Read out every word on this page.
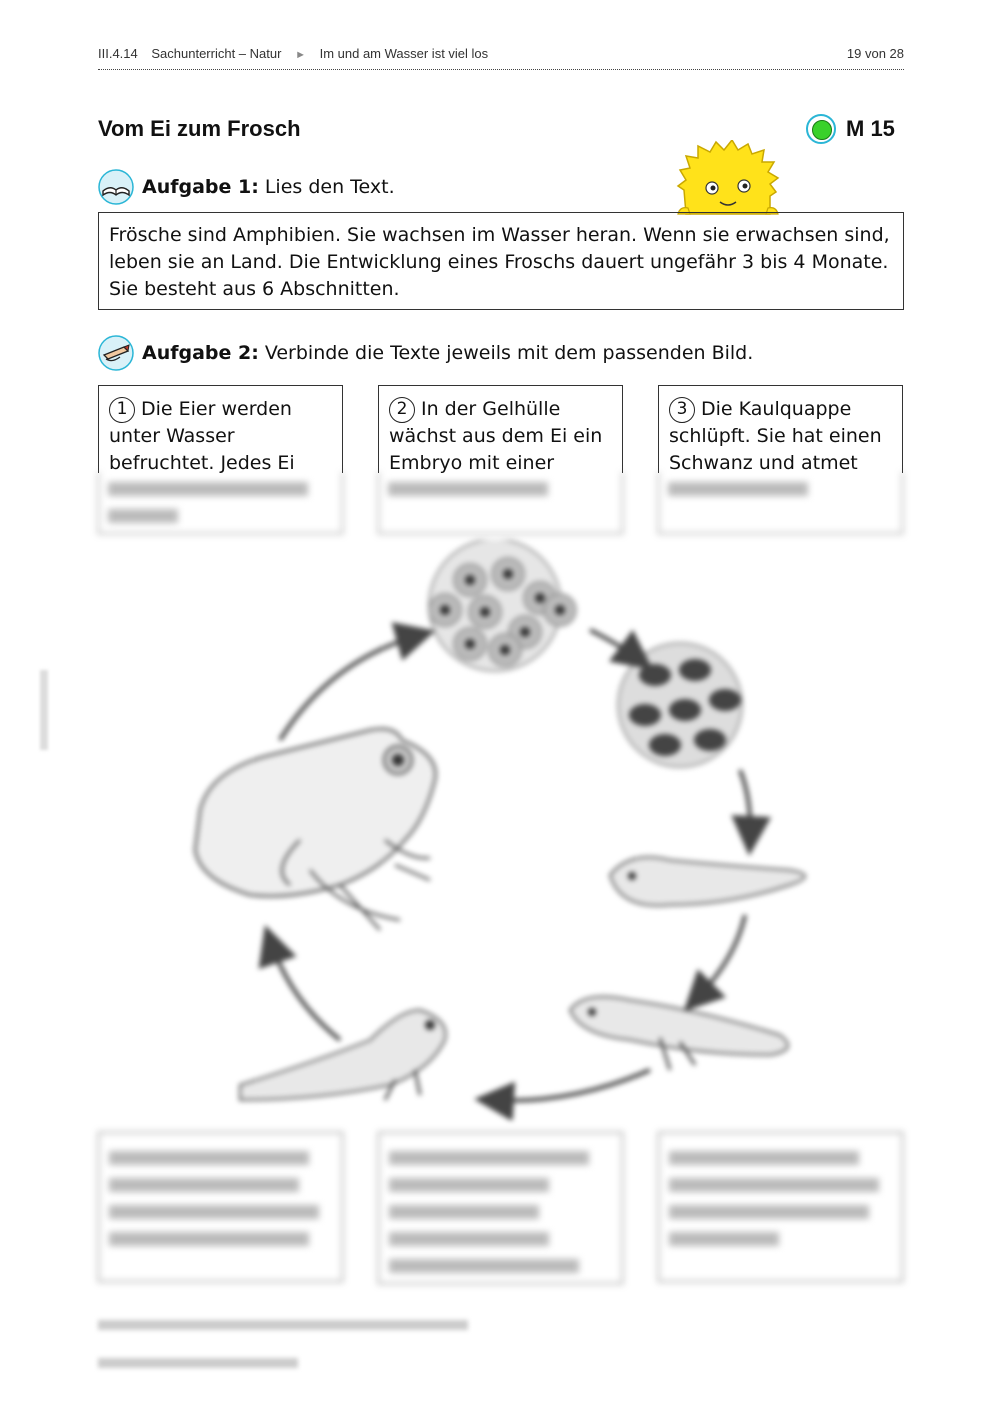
III.4.14 Sachunterricht – Natur ► Im und am Wasser ist viel los	19 von 28
Vom Ei zum Frosch	M 15
Aufgabe 1: Lies den Text.
Frösche sind Amphibien. Sie wachsen im Wasser heran. Wenn sie erwachsen sind, leben sie an Land. Die Entwicklung eines Froschs dauert ungefähr 3 bis 4 Monate. Sie besteht aus 6 Abschnitten.
Aufgabe 2: Verbinde die Texte jeweils mit dem passenden Bild.
1 Die Eier werden unter Wasser befruchtet. Jedes Ei
2 In der Gelhülle wächst aus dem Ei ein Embryo mit einer
3 Die Kaulquappe schlüpft. Sie hat einen Schwanz und atmet
